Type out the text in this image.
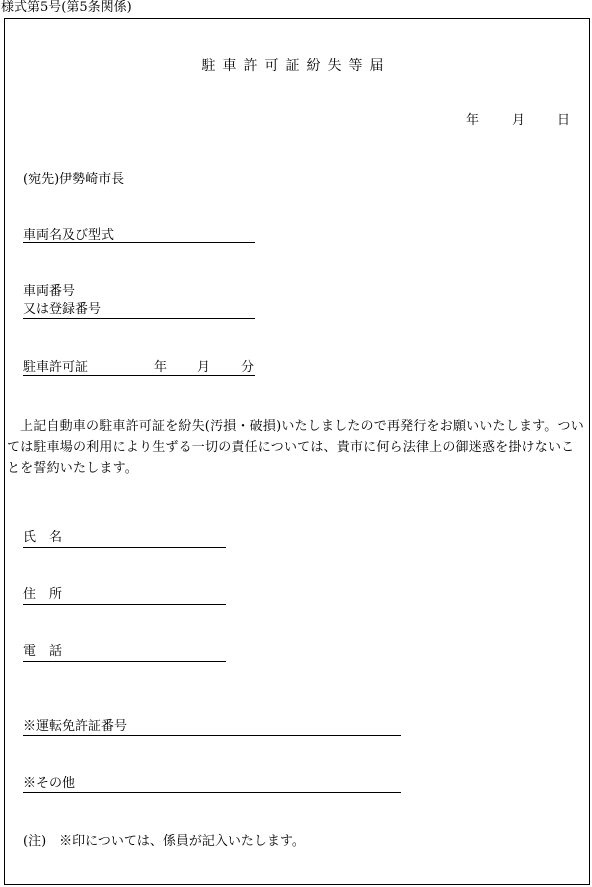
様式第5号(第5条関係)
駐車許可証紛失等届
年	月 日
(宛先)伊勢崎市長
車両名及び型式
車両番号
又は登録番号
駐車許可証	年 月 分
上記自動車の駐車許可証を紛失(汚損・破損)いたしましたので再発行をお願いいたします。ついては駐車場の利用により生ずる一切の責任については、貴市に何ら法律上の御迷惑を掛けないことを誓約いたします。
氏　名
住　所
電　話
※運転免許証番号
※その他
(注)　※印については、係員が記入いたします。
